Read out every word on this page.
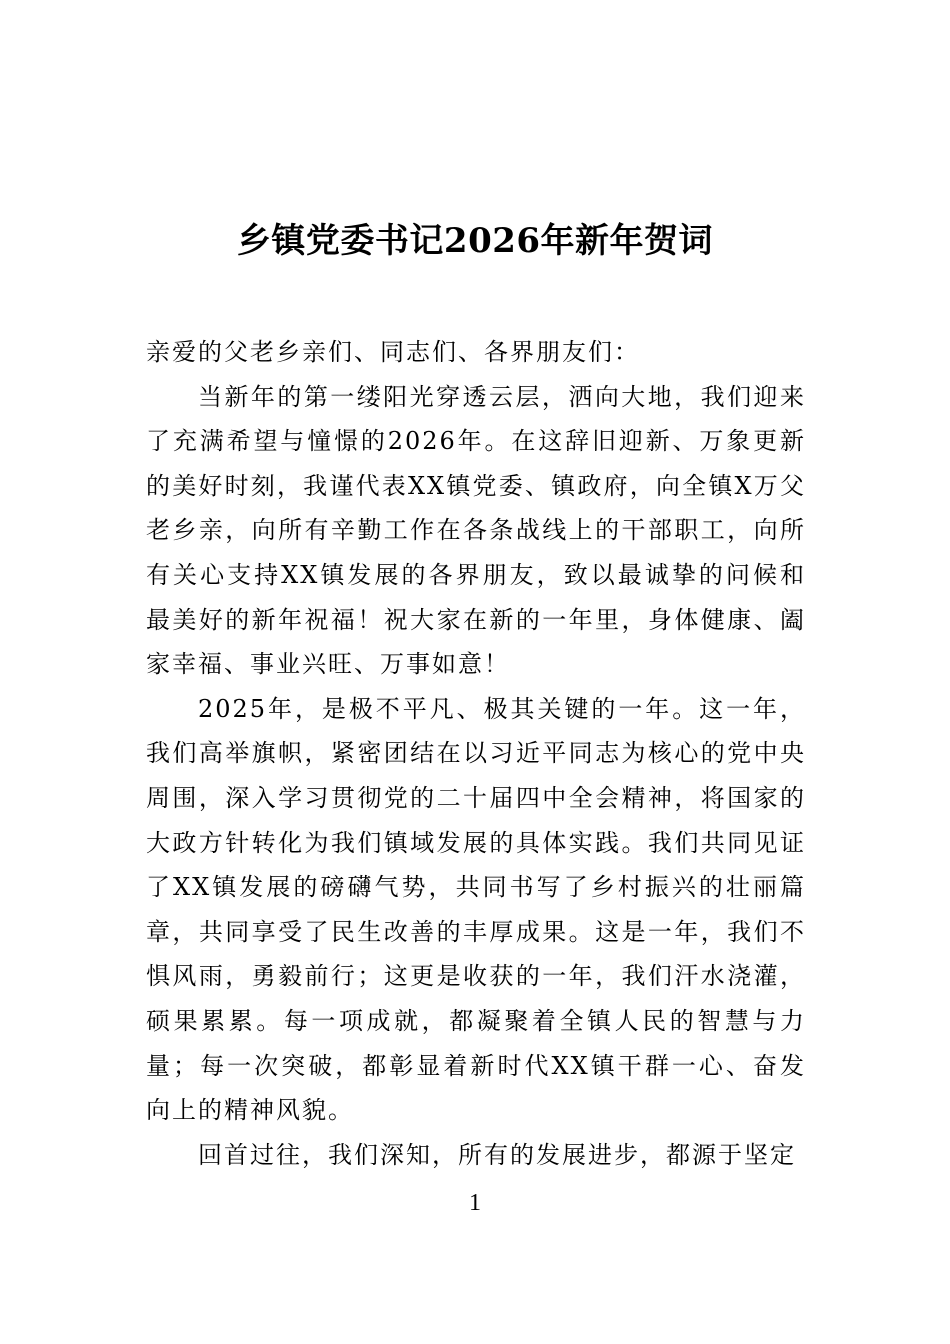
乡镇党委书记2026年新年贺词

亲爱的父老乡亲们、同志们、各界朋友们：

当新年的第一缕阳光穿透云层，洒向大地，我们迎来了充满希望与憧憬的2026年。在这辞旧迎新、万象更新的美好时刻，我谨代表XX镇党委、镇政府，向全镇X万父老乡亲，向所有辛勤工作在各条战线上的干部职工，向所有关心支持XX镇发展的各界朋友，致以最诚挚的问候和最美好的新年祝福！祝大家在新的一年里，身体健康、阖家幸福、事业兴旺、万事如意！

2025年，是极不平凡、极其关键的一年。这一年，我们高举旗帜，紧密团结在以习近平同志为核心的党中央周围，深入学习贯彻党的二十届四中全会精神，将国家的大政方针转化为我们镇域发展的具体实践。我们共同见证了XX镇发展的磅礴气势，共同书写了乡村振兴的壮丽篇章，共同享受了民生改善的丰厚成果。这是一年，我们不惧风雨，勇毅前行；这更是收获的一年，我们汗水浇灌，硕果累累。每一项成就，都凝聚着全镇人民的智慧与力量；每一次突破，都彰显着新时代XX镇干群一心、奋发向上的精神风貌。

回首过往，我们深知，所有的发展进步，都源于坚定

1
